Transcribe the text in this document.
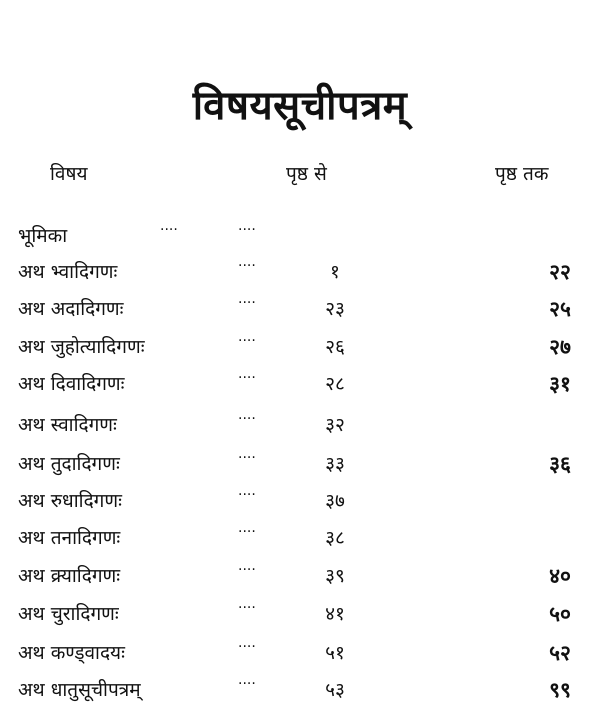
विषयसूचीपत्रम्
विषय	पृष्ठ से	पृष्ठ तक
भूमिका	....	....
अथ भ्वादिगणः	....	१	२२
अथ अदादिगणः	....	२३	२५
अथ जुहोत्यादिगणः	....	२६	२७
अथ दिवादिगणः	....	२८	३१
अथ स्वादिगणः	....	३२
अथ तुदादिगणः	....	३३	३६
अथ रुधादिगणः	....	३७
अथ तनादिगणः	....	३८
अथ क्र्यादिगणः	....	३९	४०
अथ चुरादिगणः	....	४१	५०
अथ कण्ड्वादयः	....	५१	५२
अथ धातुसूचीपत्रम्	....	५३	९९
